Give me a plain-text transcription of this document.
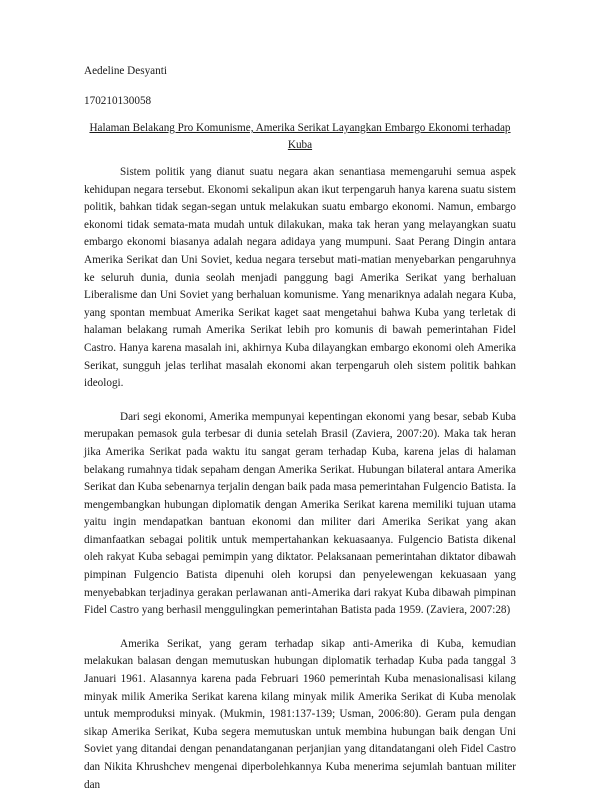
Aedeline Desyanti

170210130058

Halaman Belakang Pro Komunisme, Amerika Serikat Layangkan Embargo Ekonomi terhadap Kuba

Sistem politik yang dianut suatu negara akan senantiasa memengaruhi semua aspek kehidupan negara tersebut. Ekonomi sekalipun akan ikut terpengaruh hanya karena suatu sistem politik, bahkan tidak segan-segan untuk melakukan suatu embargo ekonomi. Namun, embargo ekonomi tidak semata-mata mudah untuk dilakukan, maka tak heran yang melayangkan suatu embargo ekonomi biasanya adalah negara adidaya yang mumpuni. Saat Perang Dingin antara Amerika Serikat dan Uni Soviet, kedua negara tersebut mati-matian menyebarkan pengaruhnya ke seluruh dunia, dunia seolah menjadi panggung bagi Amerika Serikat yang berhaluan Liberalisme dan Uni Soviet yang berhaluan komunisme. Yang menariknya adalah negara Kuba, yang spontan membuat Amerika Serikat kaget saat mengetahui bahwa Kuba yang terletak di halaman belakang rumah Amerika Serikat lebih pro komunis di bawah pemerintahan Fidel Castro. Hanya karena masalah ini, akhirnya Kuba dilayangkan embargo ekonomi oleh Amerika Serikat, sungguh jelas terlihat masalah ekonomi akan terpengaruh oleh sistem politik bahkan ideologi.

Dari segi ekonomi, Amerika mempunyai kepentingan ekonomi yang besar, sebab Kuba merupakan pemasok gula terbesar di dunia setelah Brasil (Zaviera, 2007:20). Maka tak heran jika Amerika Serikat pada waktu itu sangat geram terhadap Kuba, karena jelas di halaman belakang rumahnya tidak sepaham dengan Amerika Serikat. Hubungan bilateral antara Amerika Serikat dan Kuba sebenarnya terjalin dengan baik pada masa pemerintahan Fulgencio Batista. Ia mengembangkan hubungan diplomatik dengan Amerika Serikat karena memiliki tujuan utama yaitu ingin mendapatkan bantuan ekonomi dan militer dari Amerika Serikat yang akan dimanfaatkan sebagai politik untuk mempertahankan kekuasaanya. Fulgencio Batista dikenal oleh rakyat Kuba sebagai pemimpin yang diktator. Pelaksanaan pemerintahan diktator dibawah pimpinan Fulgencio Batista dipenuhi oleh korupsi dan penyelewengan kekuasaan yang menyebabkan terjadinya gerakan perlawanan anti-Amerika dari rakyat Kuba dibawah pimpinan Fidel Castro yang berhasil menggulingkan pemerintahan Batista pada 1959. (Zaviera, 2007:28)

Amerika Serikat, yang geram terhadap sikap anti-Amerika di Kuba, kemudian melakukan balasan dengan memutuskan hubungan diplomatik terhadap Kuba pada tanggal 3 Januari 1961. Alasannya karena pada Februari 1960 pemerintah Kuba menasionalisasi kilang minyak milik Amerika Serikat karena kilang minyak milik Amerika Serikat di Kuba menolak untuk memproduksi minyak. (Mukmin, 1981:137-139; Usman, 2006:80). Geram pula dengan sikap Amerika Serikat, Kuba segera memutuskan untuk membina hubungan baik dengan Uni Soviet yang ditandai dengan penandatanganan perjanjian yang ditandatangani oleh Fidel Castro dan Nikita Khrushchev mengenai diperbolehkannya Kuba menerima sejumlah bantuan militer dan
